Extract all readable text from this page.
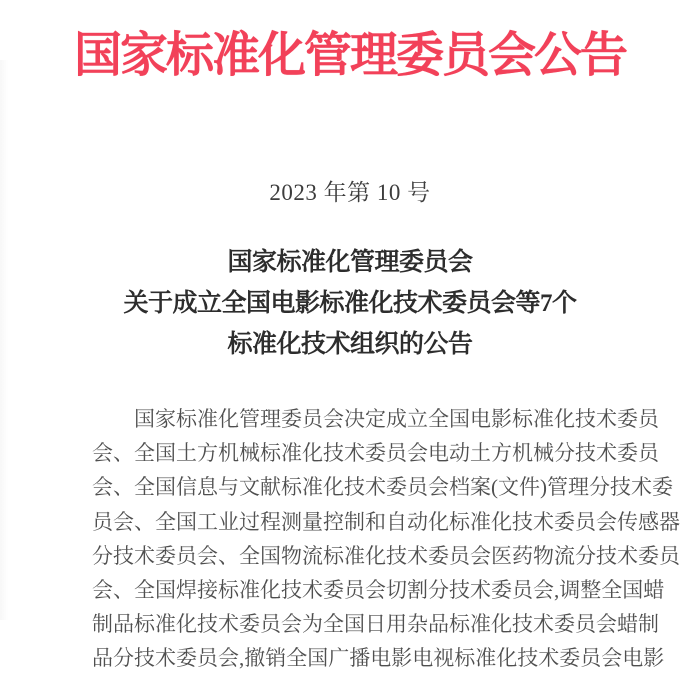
国家标准化管理委员会公告
2023 年第 10 号
国家标准化管理委员会
关于成立全国电影标准化技术委员会等7个
标准化技术组织的公告
国家标准化管理委员会决定成立全国电影标准化技术委员
会、全国土方机械标准化技术委员会电动土方机械分技术委员
会、全国信息与文献标准化技术委员会档案(文件)管理分技术委
员会、全国工业过程测量控制和自动化标准化技术委员会传感器
分技术委员会、全国物流标准化技术委员会医药物流分技术委员
会、全国焊接标准化技术委员会切割分技术委员会,调整全国蜡
制品标准化技术委员会为全国日用杂品标准化技术委员会蜡制
品分技术委员会,撤销全国广播电影电视标准化技术委员会电影
